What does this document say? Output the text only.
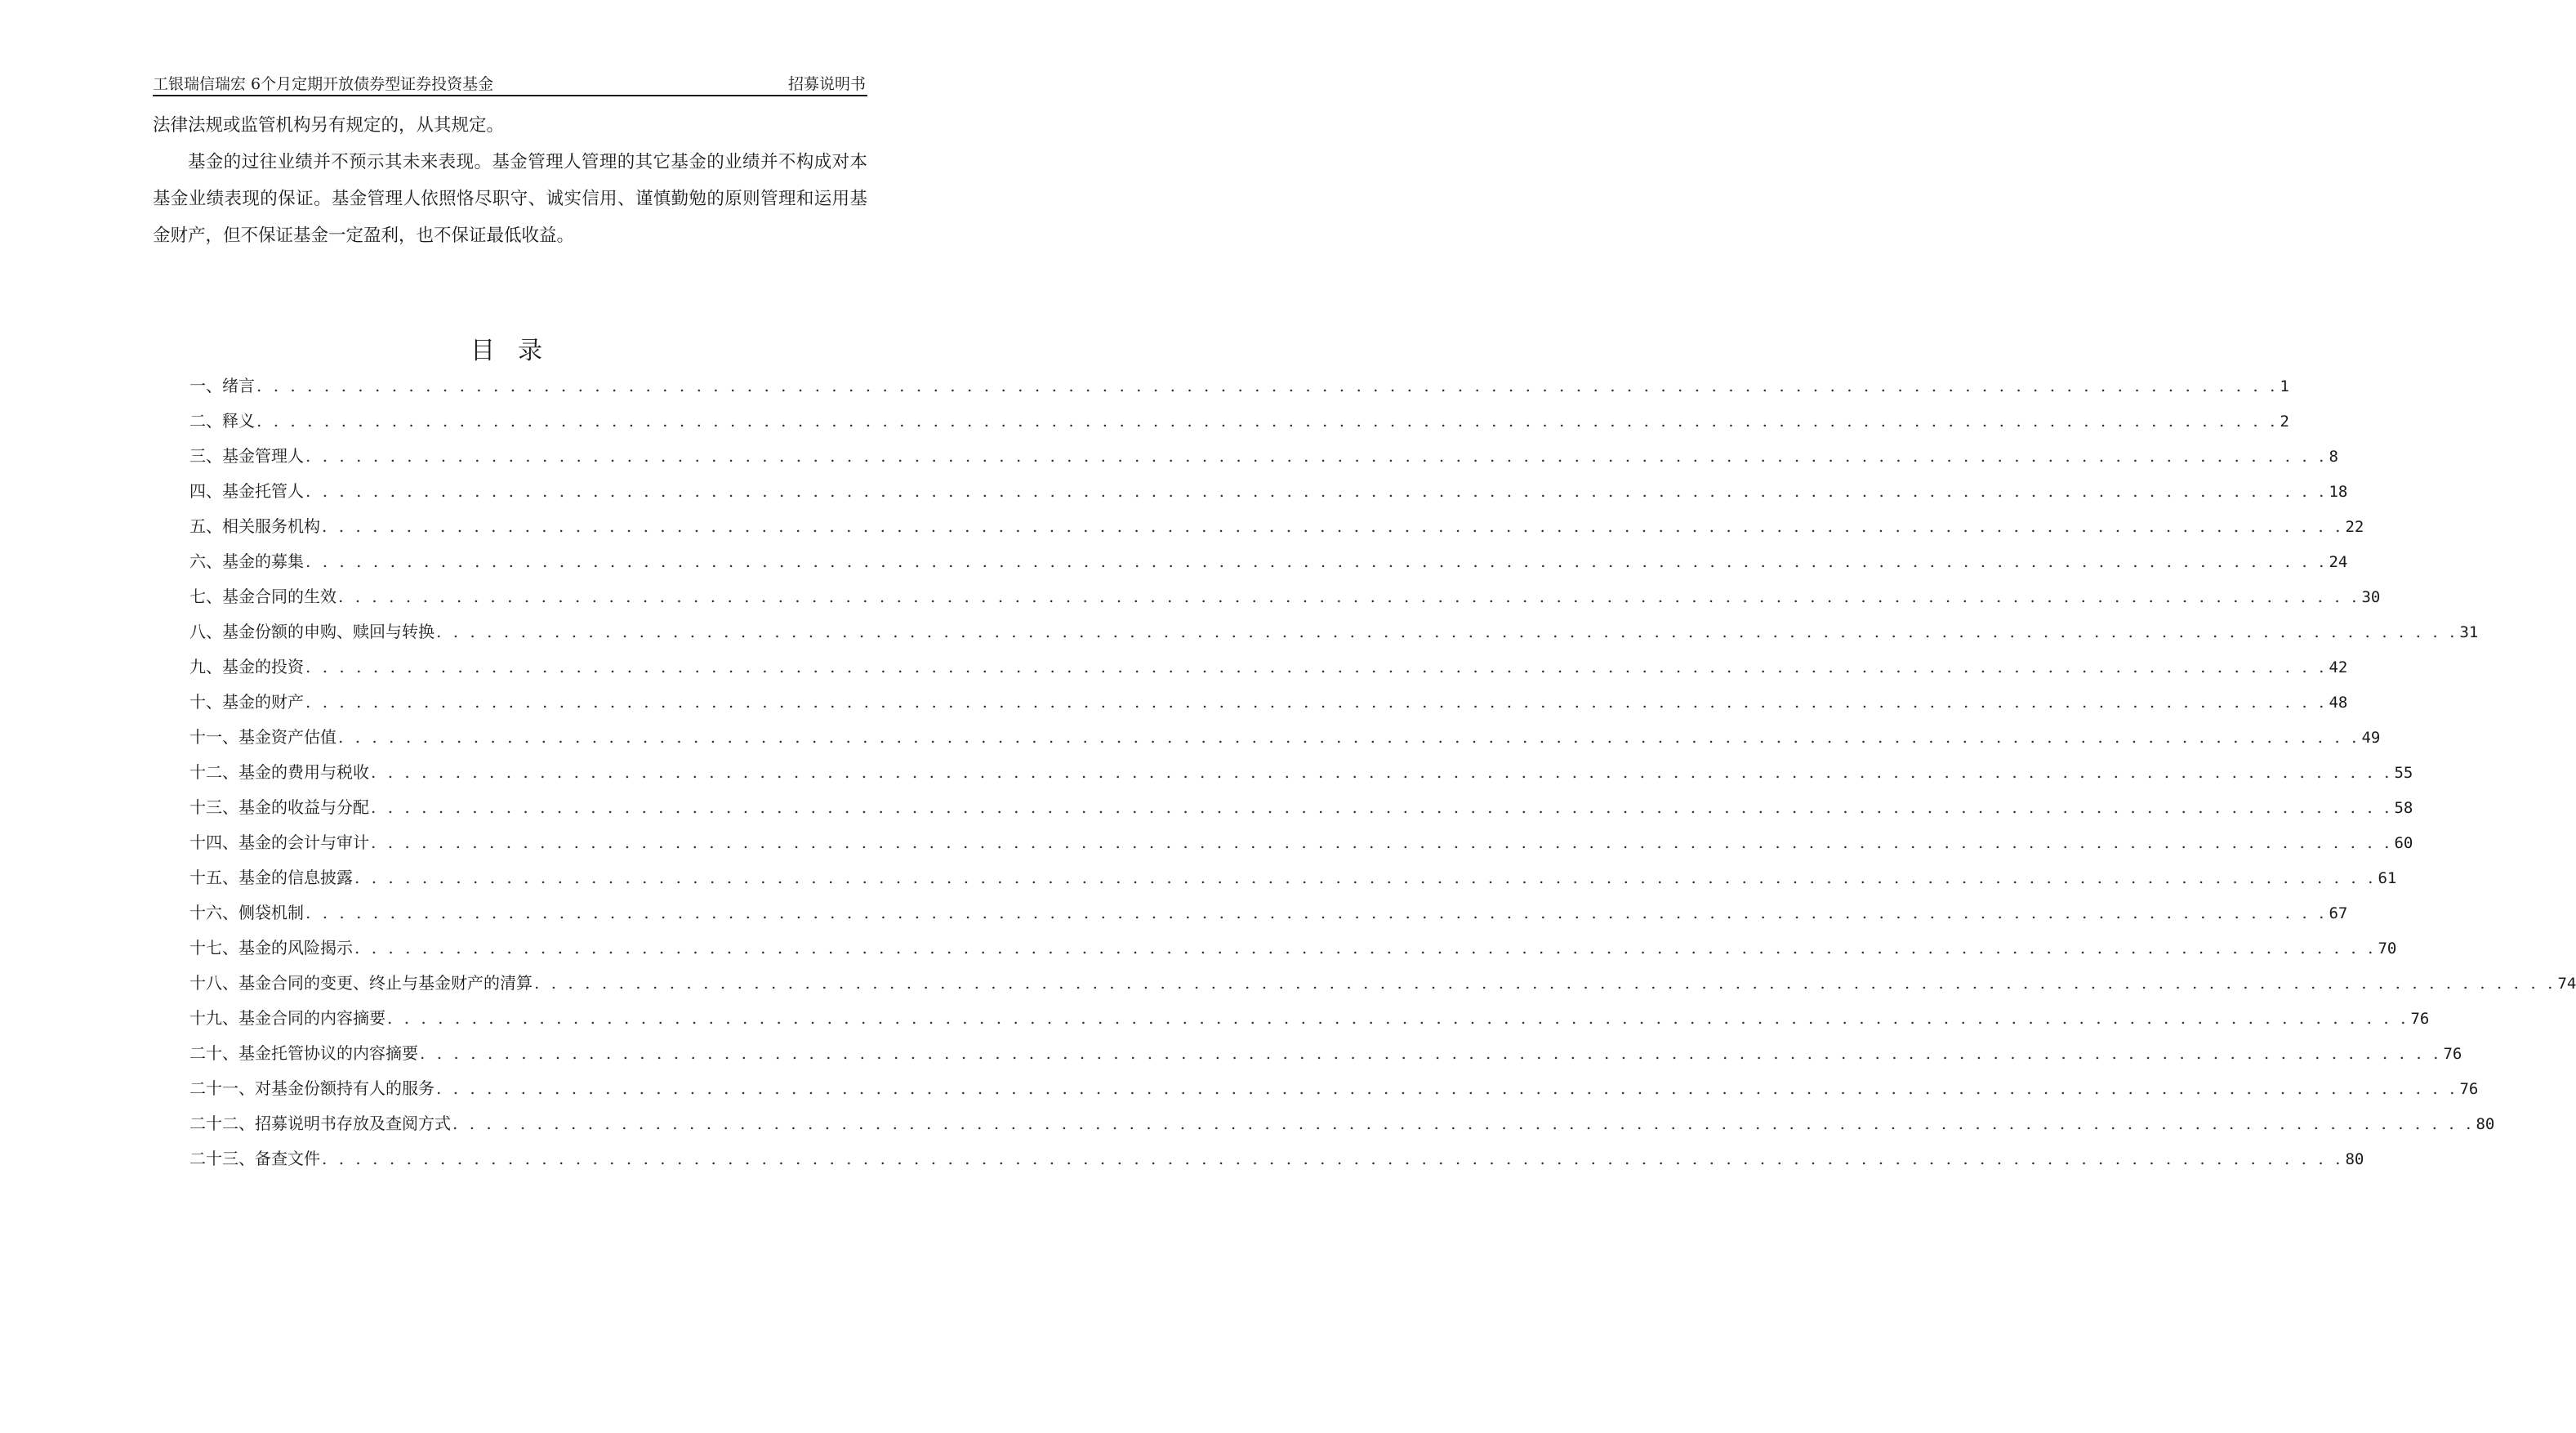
工银瑞信瑞宏 6个月定期开放债券型证券投资基金	招募说明书

法律法规或监管机构另有规定的，从其规定。

基金的过往业绩并不预示其未来表现。基金管理人管理的其它基金的业绩并不构成对本基金业绩表现的保证。基金管理人依照恪尽职守、诚实信用、谨慎勤勉的原则管理和运用基金财产，但不保证基金一定盈利，也不保证最低收益。

目录
一、绪言 . . . . . . . . . . . . . . . . . . . . . . . . . . . . . . . . . . . . . . . . . . . . . . . . . . . . . . . . . . . . . . . . . . . . . . . . . . . . . . . . . . . . . . . . . . . . . . . . . . . . . . . . . . . . . . . . . . . . . . . . 1
二、释义 . . . . . . . . . . . . . . . . . . . . . . . . . . . . . . . . . . . . . . . . . . . . . . . . . . . . . . . . . . . . . . . . . . . . . . . . . . . . . . . . . . . . . . . . . . . . . . . . . . . . . . . . . . . . . . . . . . . . . . . . 2
三、基金管理人 . . . . . . . . . . . . . . . . . . . . . . . . . . . . . . . . . . . . . . . . . . . . . . . . . . . . . . . . . . . . . . . . . . . . . . . . . . . . . . . . . . . . . . . . . . . . . . . . . . . . . . . . . . . . . . . . . . . . . . . . 8
四、基金托管人 . . . . . . . . . . . . . . . . . . . . . . . . . . . . . . . . . . . . . . . . . . . . . . . . . . . . . . . . . . . . . . . . . . . . . . . . . . . . . . . . . . . . . . . . . . . . . . . . . . . . . . . . . . . . . . . . . . . . . . . . 18
五、相关服务机构 . . . . . . . . . . . . . . . . . . . . . . . . . . . . . . . . . . . . . . . . . . . . . . . . . . . . . . . . . . . . . . . . . . . . . . . . . . . . . . . . . . . . . . . . . . . . . . . . . . . . . . . . . . . . . . . . . . . . . . . . 22
六、基金的募集 . . . . . . . . . . . . . . . . . . . . . . . . . . . . . . . . . . . . . . . . . . . . . . . . . . . . . . . . . . . . . . . . . . . . . . . . . . . . . . . . . . . . . . . . . . . . . . . . . . . . . . . . . . . . . . . . . . . . . . . . 24
七、基金合同的生效 . . . . . . . . . . . . . . . . . . . . . . . . . . . . . . . . . . . . . . . . . . . . . . . . . . . . . . . . . . . . . . . . . . . . . . . . . . . . . . . . . . . . . . . . . . . . . . . . . . . . . . . . . . . . . . . . . . . . . . . . 30
八、基金份额的申购、赎回与转换 . . . . . . . . . . . . . . . . . . . . . . . . . . . . . . . . . . . . . . . . . . . . . . . . . . . . . . . . . . . . . . . . . . . . . . . . . . . . . . . . . . . . . . . . . . . . . . . . . . . . . . . . . . . . . . . . . . . . . . . . 31
九、基金的投资 . . . . . . . . . . . . . . . . . . . . . . . . . . . . . . . . . . . . . . . . . . . . . . . . . . . . . . . . . . . . . . . . . . . . . . . . . . . . . . . . . . . . . . . . . . . . . . . . . . . . . . . . . . . . . . . . . . . . . . . . 42
十、基金的财产 . . . . . . . . . . . . . . . . . . . . . . . . . . . . . . . . . . . . . . . . . . . . . . . . . . . . . . . . . . . . . . . . . . . . . . . . . . . . . . . . . . . . . . . . . . . . . . . . . . . . . . . . . . . . . . . . . . . . . . . . 48
十一、基金资产估值 . . . . . . . . . . . . . . . . . . . . . . . . . . . . . . . . . . . . . . . . . . . . . . . . . . . . . . . . . . . . . . . . . . . . . . . . . . . . . . . . . . . . . . . . . . . . . . . . . . . . . . . . . . . . . . . . . . . . . . . . 49
十二、基金的费用与税收 . . . . . . . . . . . . . . . . . . . . . . . . . . . . . . . . . . . . . . . . . . . . . . . . . . . . . . . . . . . . . . . . . . . . . . . . . . . . . . . . . . . . . . . . . . . . . . . . . . . . . . . . . . . . . . . . . . . . . . . . 55
十三、基金的收益与分配 . . . . . . . . . . . . . . . . . . . . . . . . . . . . . . . . . . . . . . . . . . . . . . . . . . . . . . . . . . . . . . . . . . . . . . . . . . . . . . . . . . . . . . . . . . . . . . . . . . . . . . . . . . . . . . . . . . . . . . . . 58
十四、基金的会计与审计 . . . . . . . . . . . . . . . . . . . . . . . . . . . . . . . . . . . . . . . . . . . . . . . . . . . . . . . . . . . . . . . . . . . . . . . . . . . . . . . . . . . . . . . . . . . . . . . . . . . . . . . . . . . . . . . . . . . . . . . . 60
十五、基金的信息披露 . . . . . . . . . . . . . . . . . . . . . . . . . . . . . . . . . . . . . . . . . . . . . . . . . . . . . . . . . . . . . . . . . . . . . . . . . . . . . . . . . . . . . . . . . . . . . . . . . . . . . . . . . . . . . . . . . . . . . . . . 61
十六、侧袋机制 . . . . . . . . . . . . . . . . . . . . . . . . . . . . . . . . . . . . . . . . . . . . . . . . . . . . . . . . . . . . . . . . . . . . . . . . . . . . . . . . . . . . . . . . . . . . . . . . . . . . . . . . . . . . . . . . . . . . . . . . 67
十七、基金的风险揭示 . . . . . . . . . . . . . . . . . . . . . . . . . . . . . . . . . . . . . . . . . . . . . . . . . . . . . . . . . . . . . . . . . . . . . . . . . . . . . . . . . . . . . . . . . . . . . . . . . . . . . . . . . . . . . . . . . . . . . . . . 70
十八、基金合同的变更、终止与基金财产的清算 . . . . . . . . . . . . . . . . . . . . . . . . . . . . . . . . . . . . . . . . . . . . . . . . . . . . . . . . . . . . . . . . . . . . . . . . . . . . . . . . . . . . . . . . . . . . . . . . . . . . . . . . . . . . . . . . . . . . . . . . 74
十九、基金合同的内容摘要 . . . . . . . . . . . . . . . . . . . . . . . . . . . . . . . . . . . . . . . . . . . . . . . . . . . . . . . . . . . . . . . . . . . . . . . . . . . . . . . . . . . . . . . . . . . . . . . . . . . . . . . . . . . . . . . . . . . . . . . . 76
二十、基金托管协议的内容摘要 . . . . . . . . . . . . . . . . . . . . . . . . . . . . . . . . . . . . . . . . . . . . . . . . . . . . . . . . . . . . . . . . . . . . . . . . . . . . . . . . . . . . . . . . . . . . . . . . . . . . . . . . . . . . . . . . . . . . . . . . 76
二十一、对基金份额持有人的服务 . . . . . . . . . . . . . . . . . . . . . . . . . . . . . . . . . . . . . . . . . . . . . . . . . . . . . . . . . . . . . . . . . . . . . . . . . . . . . . . . . . . . . . . . . . . . . . . . . . . . . . . . . . . . . . . . . . . . . . . . 76
二十二、招募说明书存放及查阅方式 . . . . . . . . . . . . . . . . . . . . . . . . . . . . . . . . . . . . . . . . . . . . . . . . . . . . . . . . . . . . . . . . . . . . . . . . . . . . . . . . . . . . . . . . . . . . . . . . . . . . . . . . . . . . . . . . . . . . . . . . 80
二十三、备查文件 . . . . . . . . . . . . . . . . . . . . . . . . . . . . . . . . . . . . . . . . . . . . . . . . . . . . . . . . . . . . . . . . . . . . . . . . . . . . . . . . . . . . . . . . . . . . . . . . . . . . . . . . . . . . . . . . . . . . . . . . 80
